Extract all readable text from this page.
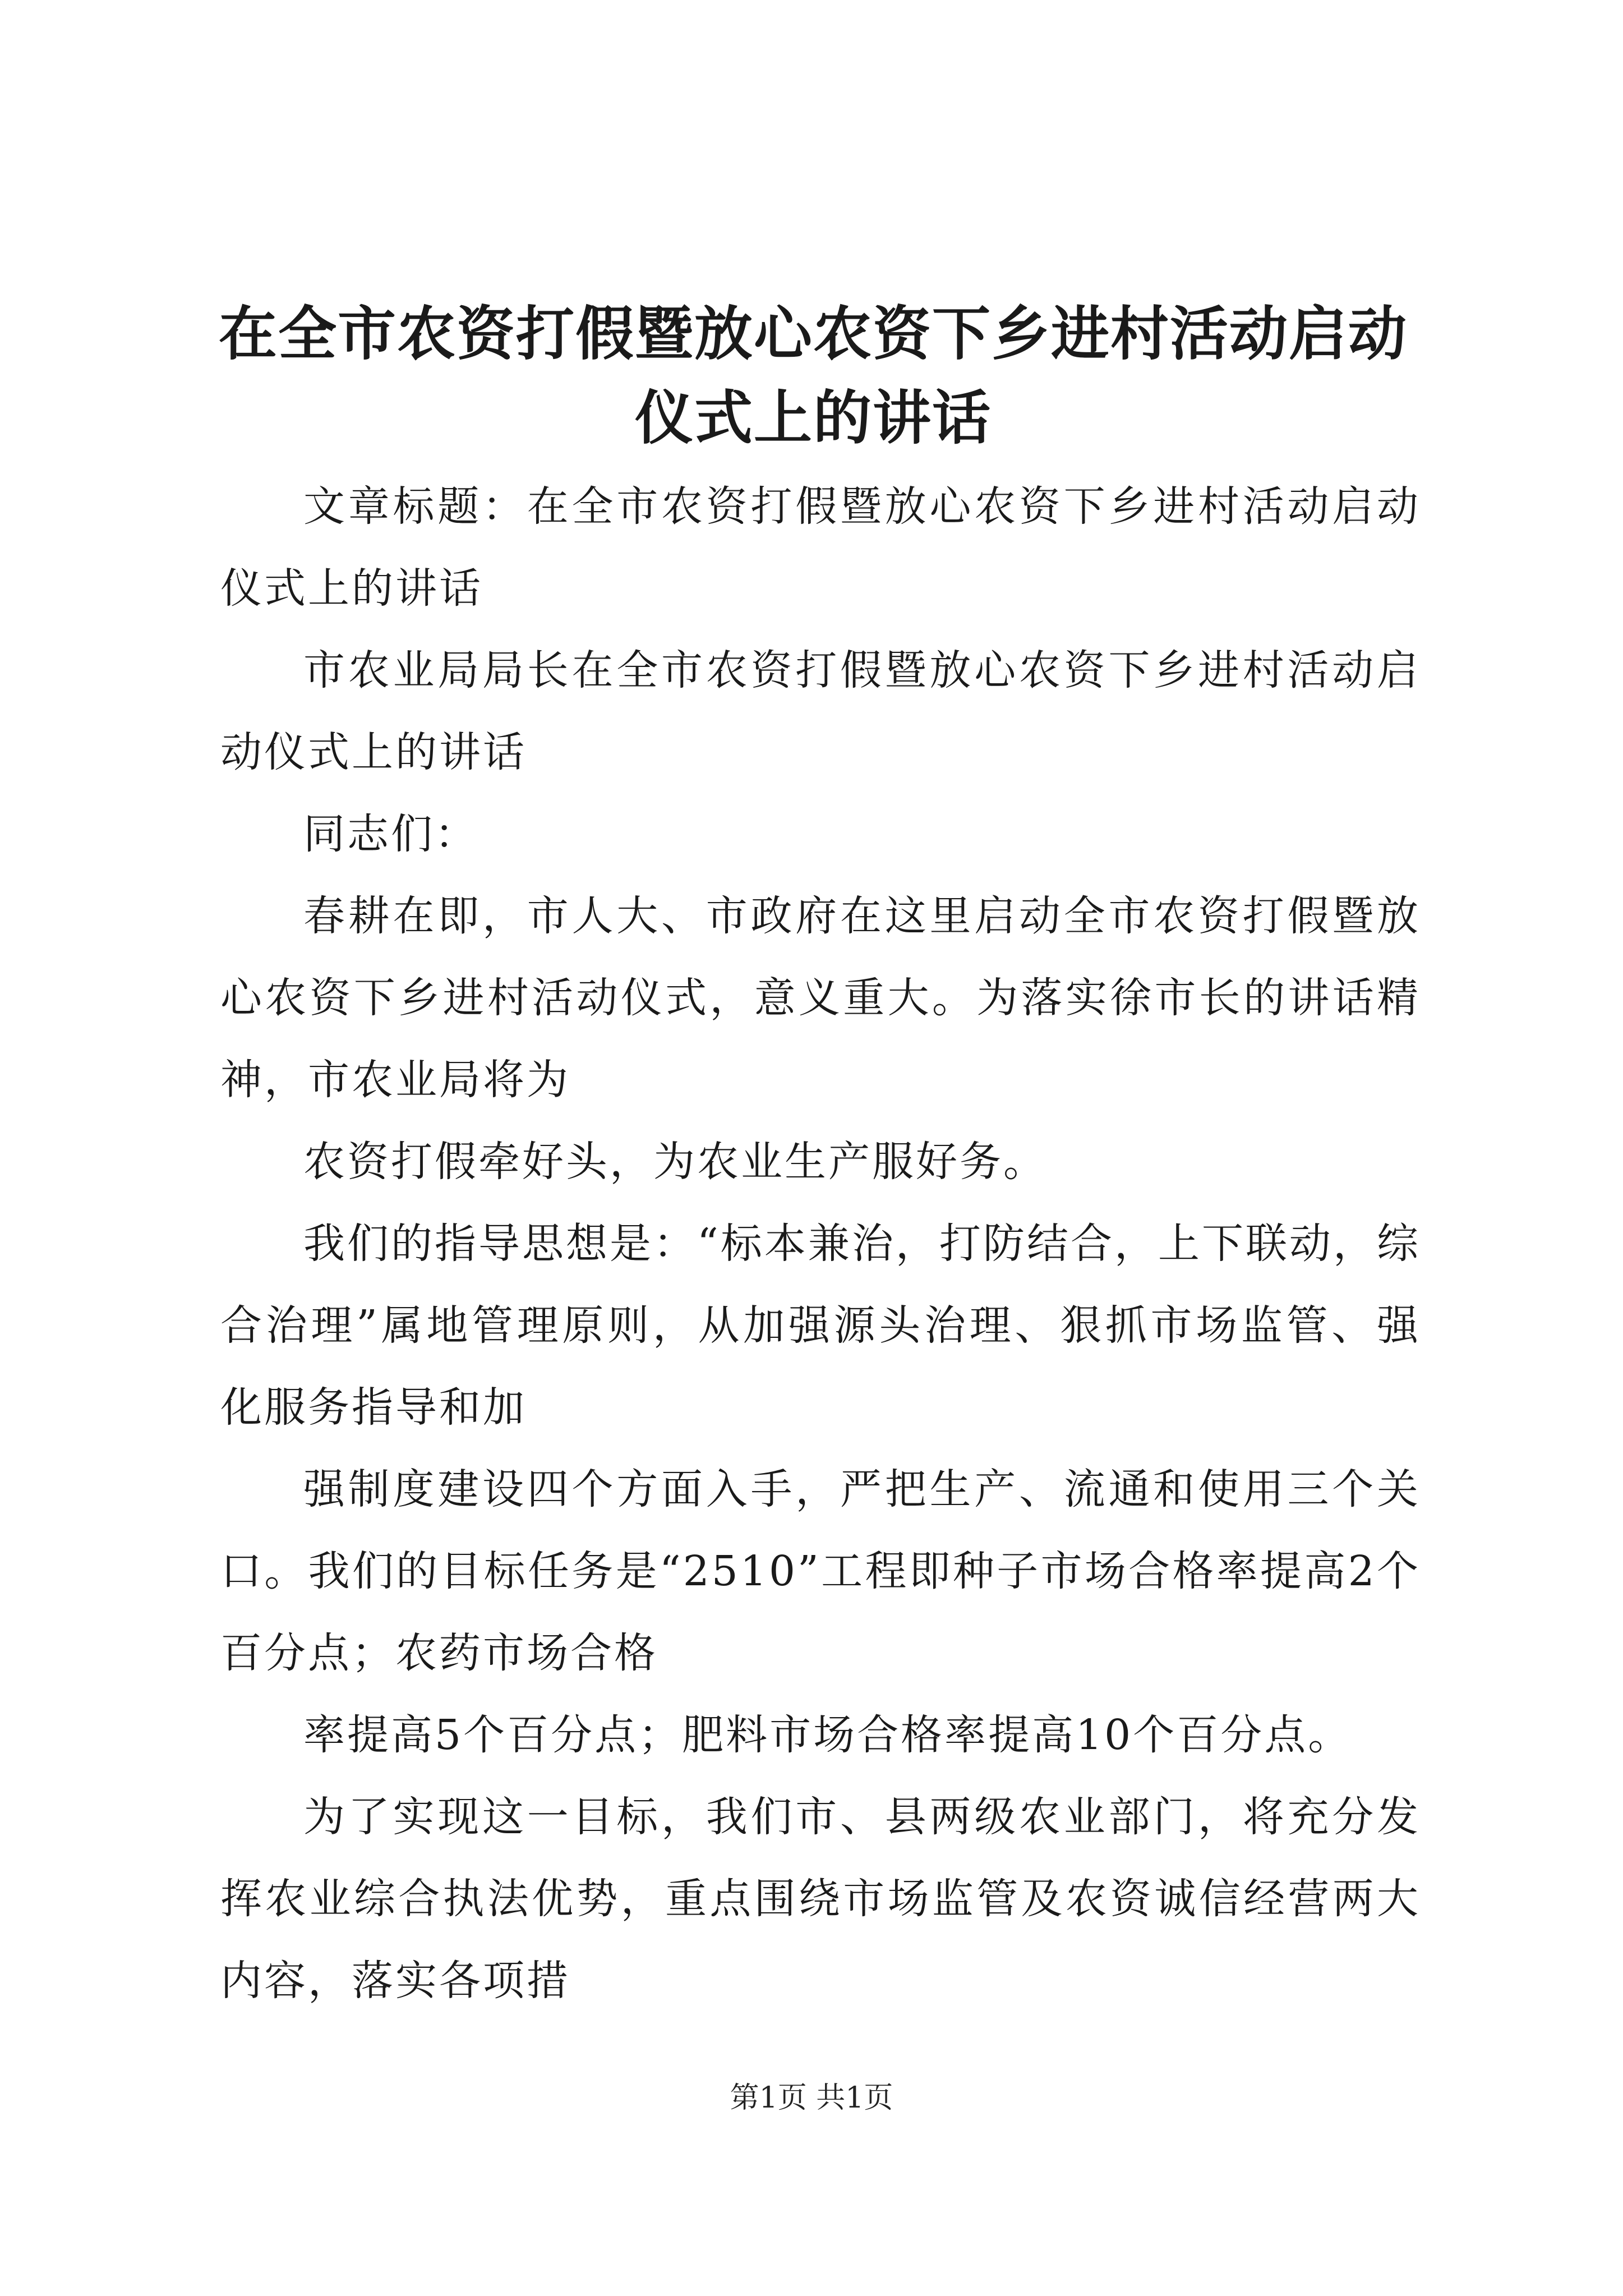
在全市农资打假暨放心农资下乡进村活动启动仪式上的讲话

文章标题：在全市农资打假暨放心农资下乡进村活动启动仪式上的讲话

市农业局局长在全市农资打假暨放心农资下乡进村活动启动仪式上的讲话

同志们：

春耕在即，市人大、市政府在这里启动全市农资打假暨放心农资下乡进村活动仪式，意义重大。为落实徐市长的讲话精神，市农业局将为

农资打假牵好头，为农业生产服好务。

我们的指导思想是：“标本兼治，打防结合，上下联动，综合治理”属地管理原则，从加强源头治理、狠抓市场监管、强化服务指导和加

强制度建设四个方面入手，严把生产、流通和使用三个关口。我们的目标任务是“2510”工程即种子市场合格率提高2个百分点；农药市场合格

率提高5个百分点；肥料市场合格率提高10个百分点。

为了实现这一目标，我们市、县两级农业部门，将充分发挥农业综合执法优势，重点围绕市场监管及农资诚信经营两大内容，落实各项措

第1页 共1页
